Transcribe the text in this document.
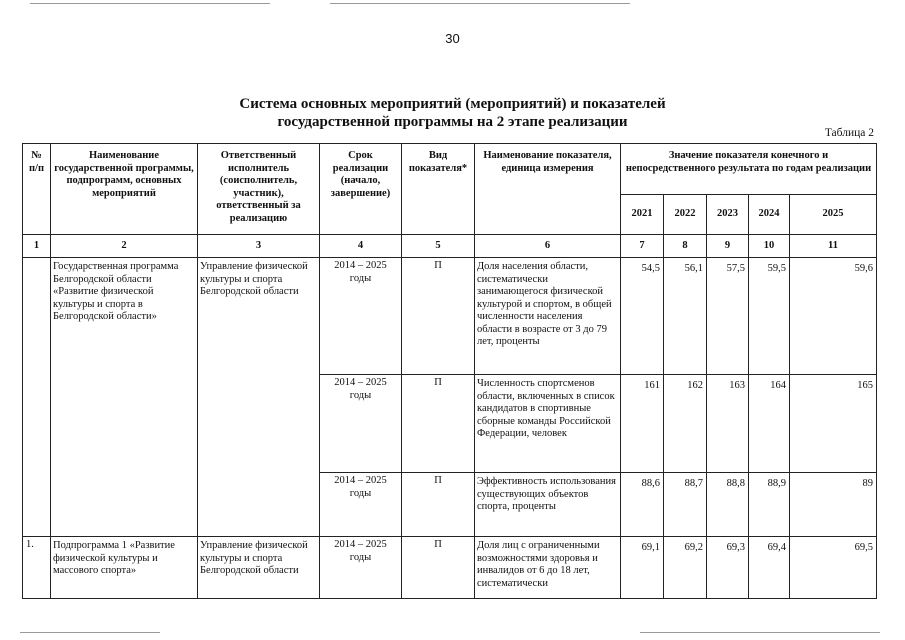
30
Система основных мероприятий (мероприятий) и показателей
государственной программы на 2 этапе реализации
Таблица 2
№ п/п	Наименование государственной программы, подпрограмм, основных мероприятий	Ответственный исполнитель (соисполнитель, участник), ответственный за реализацию	Срок реализации (начало, завершение)	Вид показателя*	Наименование показателя, единица измерения	Значение показателя конечного и непосредственного результата по годам реализации				
						2021	2022	2023	2024	2025
1	2	3	4	5	6	7	8	9	10	11
	Государственная программа Белгородской области «Развитие физической культуры и спорта в Белгородской области»	Управление физической культуры и спорта Белгородской области	2014 – 2025 годы	П	Доля населения области, систематически занимающегося физической культурой и спортом, в общей численности населения области в возрасте от 3 до 79 лет, проценты	54,5	56,1	57,5	59,5	59,6
			2014 – 2025 годы	П	Численность спортсменов области, включенных в список кандидатов в спортивные сборные команды Российской Федерации, человек	161	162	163	164	165
			2014 – 2025 годы	П	Эффективность использования существующих объектов спорта, проценты	88,6	88,7	88,8	88,9	89
1.	Подпрограмма 1 «Развитие физической культуры и массового спорта»	Управление физической культуры и спорта Белгородской области	2014 – 2025 годы	П	Доля лиц с ограниченными возможностями здоровья и инвалидов от 6 до 18 лет, систематически	69,1	69,2	69,3	69,4	69,5
